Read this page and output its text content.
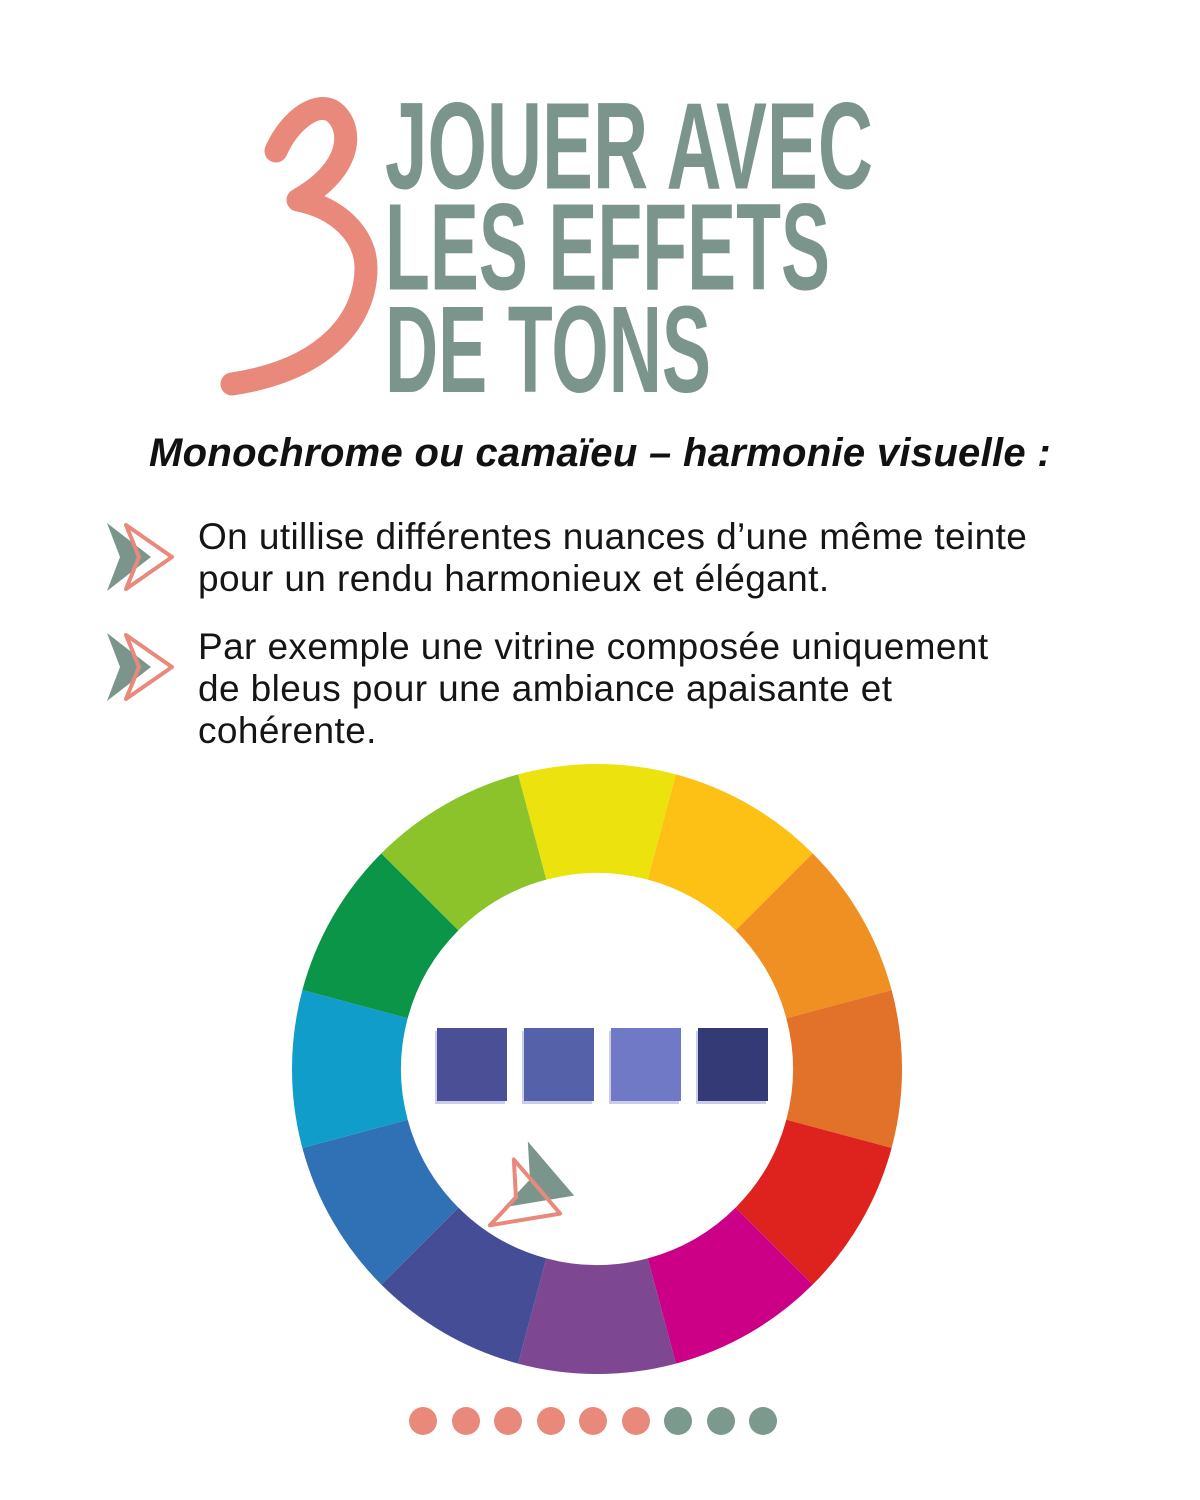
JOUER AVEC
LES EFFETS
DE TONS
Monochrome ou camaïeu – harmonie visuelle :
On utillise différentes nuances d’une même teinte
pour un rendu harmonieux et élégant.
Par exemple une vitrine composée uniquement
de bleus pour une ambiance apaisante et
cohérente.
